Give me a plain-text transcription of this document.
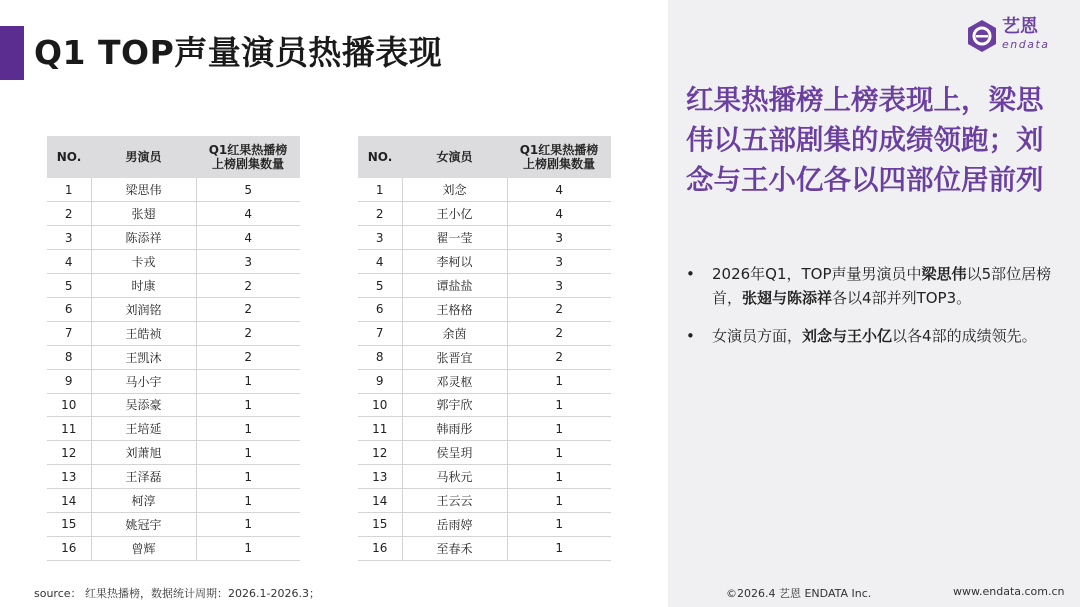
Q1 TOP声量演员热播表现
艺恩
endata
NO.	男演员	Q1红果热播榜
上榜剧集数量

1	梁思伟	5
2	张翅	4
3	陈添祥	4
4	卡戎	3
5	时康	2
6	刘润铭	2
7	王皓祯	2
8	王凯沐	2
9	马小宇	1
10	吴添豪	1
11	王培延	1
12	刘萧旭	1
13	王泽磊	1
14	柯淳	1
15	姚冠宇	1
16	曾辉	1
NO.	女演员	Q1红果热播榜
上榜剧集数量

1	刘念	4
2	王小亿	4
3	翟一莹	3
4	李柯以	3
5	谭盐盐	3
6	王格格	2
7	余茵	2
8	张晋宜	2
9	邓灵枢	1
10	郭宇欣	1
11	韩雨彤	1
12	侯呈玥	1
13	马秋元	1
14	王云云	1
15	岳雨婷	1
16	至春禾	1
红果热播榜上榜表现上，梁思伟以五部剧集的成绩领跑；刘念与王小亿各以四部位居前列
• 2026年Q1，TOP声量男演员中梁思伟以5部位居榜首，张翅与陈添祥各以4部并列TOP3。
• 女演员方面，刘念与王小亿以各4部的成绩领先。
source： 红果热播榜，数据统计周期：2026.1-2026.3；	©2026.4 艺恩 ENDATA Inc.	www.endata.com.cn
